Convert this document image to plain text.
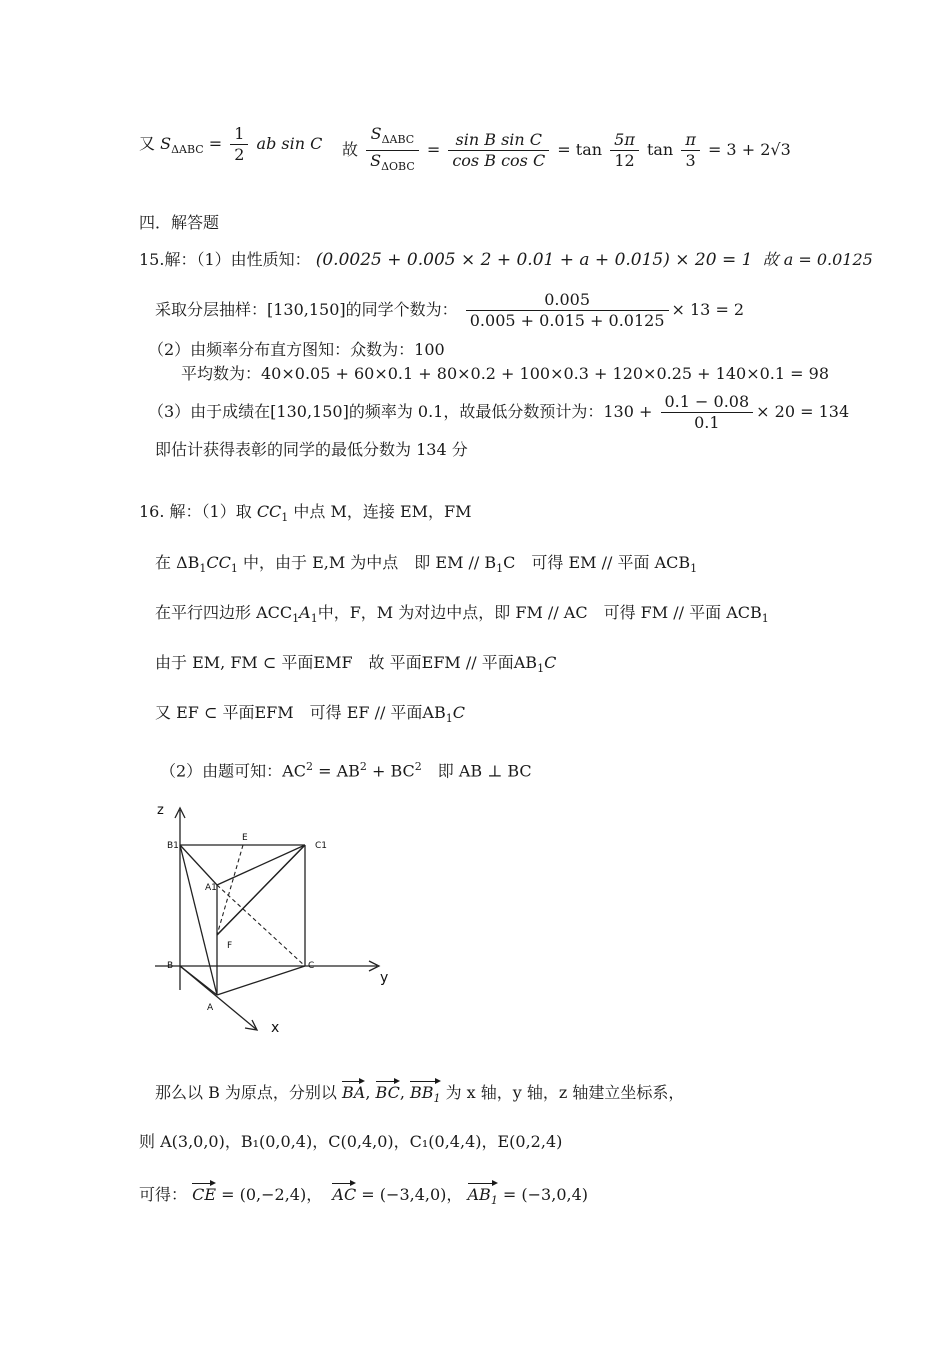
又 $S_{\Delta ABC} = \frac{1}{2}$ ab sin C 故 $\frac{S_{\Delta ABC}}{S_{\Delta OBC}} = \frac{\text{sin B sin C}}{\text{cos B cos C}} = \tan \frac{5\pi}{12}$ $\tan \frac{\pi}{3} = 3 + 2√3$
四．解答题
15.解：（1）由性质知： (0.0025 + 0.005 × 2 + 0.01 + a + 0.015) × 20 = 1 故 a = 0.0125
采取分层抽样：[130,150]的同学个数为： $\frac{0.005}{0.005 + 0.015 + 0.0125} \times 13 = 2$
（2）由频率分布直方图知：众数为：100
平均数为：40×0.05 + 60×0.1 + 80×0.2 + 100×0.3 + 120×0.25 + 140×0.1 = 98
（3）由于成绩在[130,150]的频率为 0.1，故最低分数预计为：$130 + \frac{0.1 - 0.08}{0.1} \times 20 = 134$
即估计获得表彰的同学的最低分数为 134 分
16. 解：（1）取 $CC_1$ 中点 M，连接 EM，FM
在 $\Delta B_1CC_1$ 中，由于 E,M 为中点　即 EM // $B_1C$　可得 EM // 平面 $ACB_1$
在平行四边形 $ACC_1A_1$中，F，M 为对边中点，即 FM // AC　可得 FM // 平面 $ACB_1$
由于 EM, FM ⊂ 平面EMF　故 平面EFM // 平面$AB_1C$
又 EF ⊂ 平面EFM　可得 EF // 平面$AB_1C$
（2）由题可知：$AC^2 = AB^2 + BC^2$　即 AB ⊥ BC
z
y
x
B1	C1
E
A1
F
B	C
A
那么以 B 为原点，分别以 BA, BC, $BB_1$ 为 x 轴，y 轴，z 轴建立坐标系，
则 A(3,0,0)，B₁(0,0,4)，C(0,4,0)，C₁(0,4,4)，E(0,2,4)
可得： CE = (0,−2,4)， AC = (−3,4,0)， $AB_1 = (-3,0,4)$
